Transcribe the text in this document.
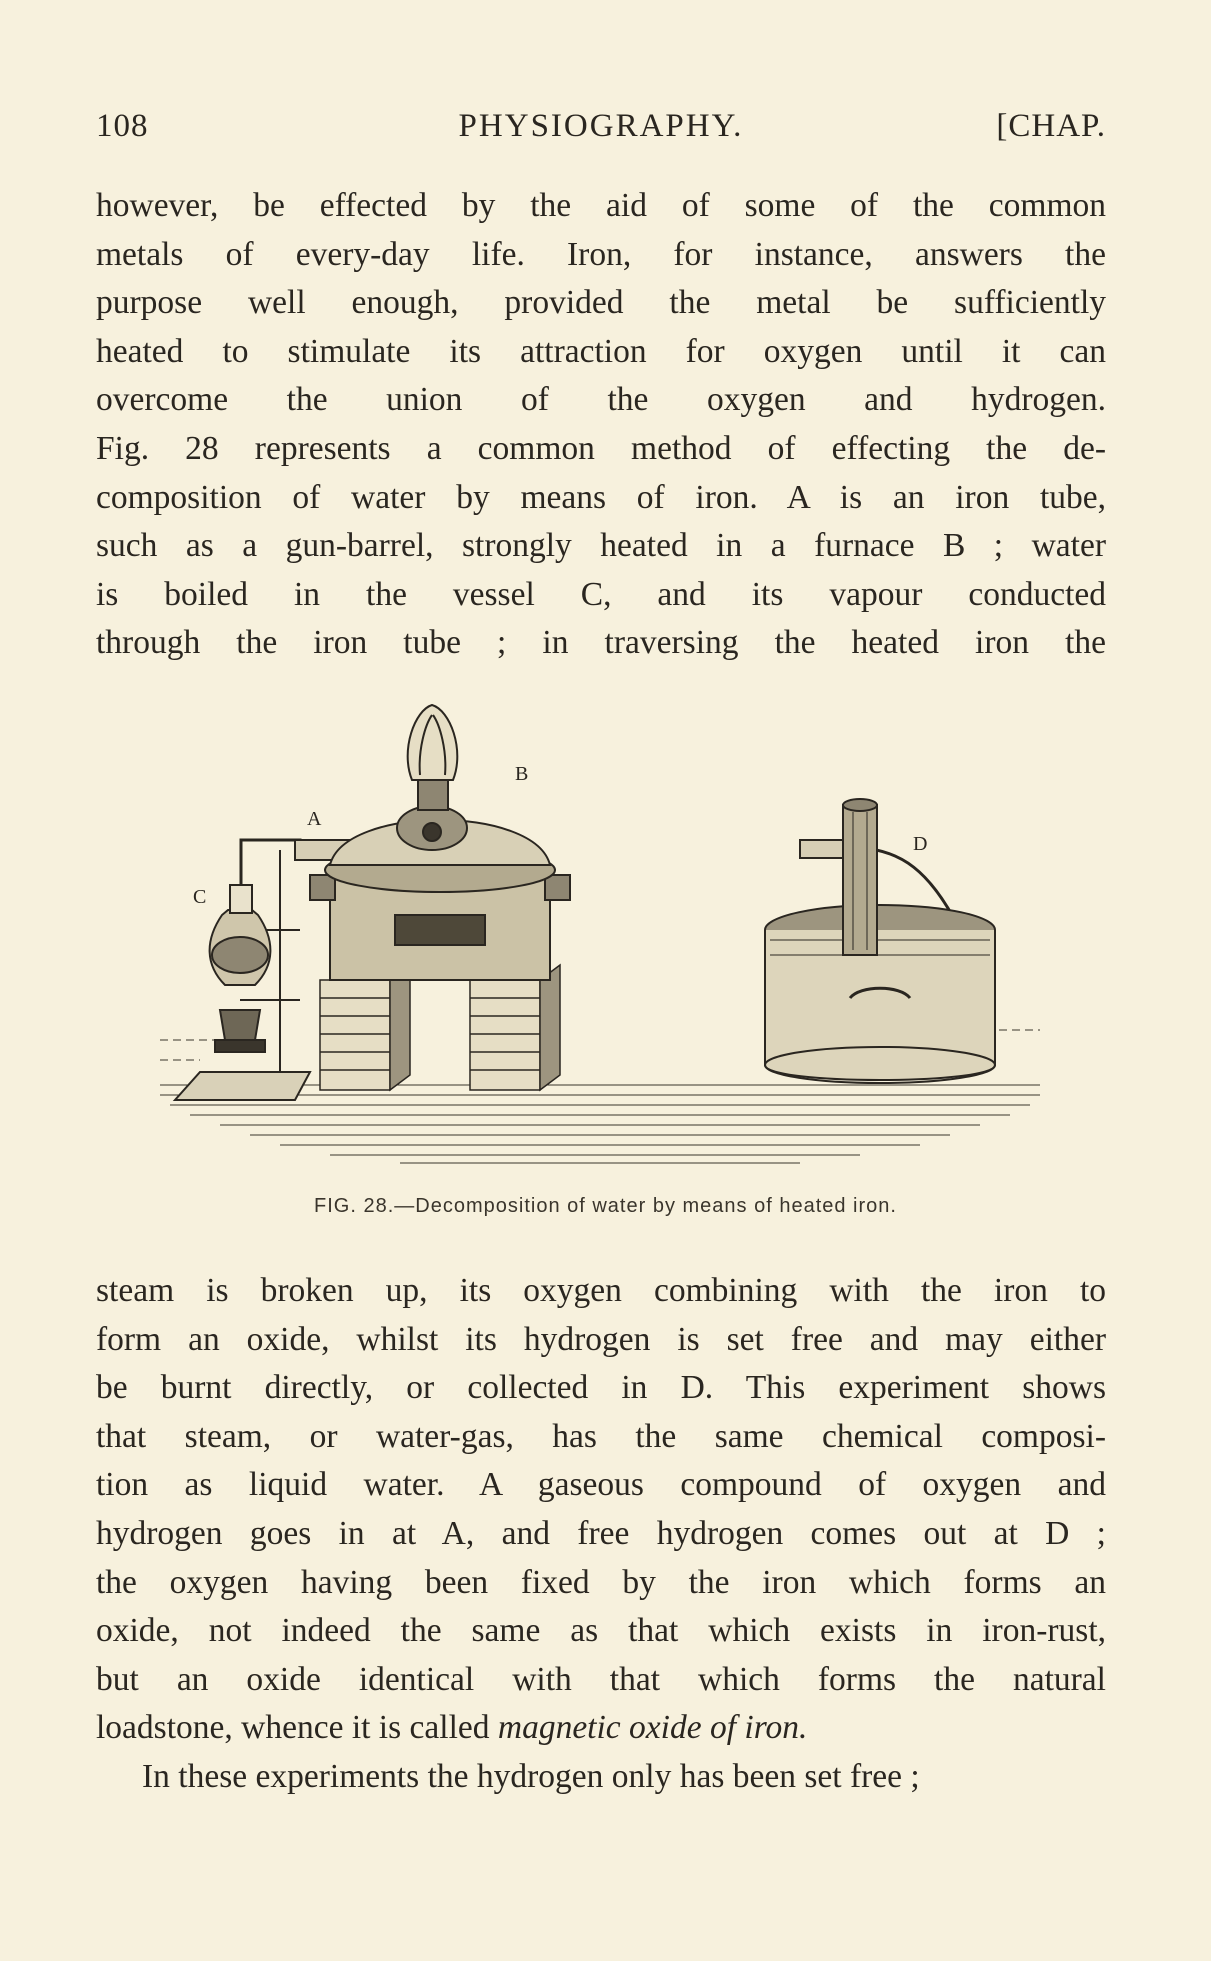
108	PHYSIOGRAPHY.	[CHAP.
however, be effected by the aid of some of the common
metals of every-day life. Iron, for instance, answers the
purpose well enough, provided the metal be sufficiently
heated to stimulate its attraction for oxygen until it can
overcome the union of the oxygen and hydrogen.
Fig. 28 represents a common method of effecting the de-
composition of water by means of iron. A is an iron tube,
such as a gun-barrel, strongly heated in a furnace B ; water
is boiled in the vessel C, and its vapour conducted
through the iron tube ; in traversing the heated iron the
A
B
C
D
FIG. 28.—Decomposition of water by means of heated iron.
steam is broken up, its oxygen combining with the iron to
form an oxide, whilst its hydrogen is set free and may either
be burnt directly, or collected in D. This experiment shows
that steam, or water-gas, has the same chemical composi-
tion as liquid water. A gaseous compound of oxygen and
hydrogen goes in at A, and free hydrogen comes out at D ;
the oxygen having been fixed by the iron which forms an
oxide, not indeed the same as that which exists in iron-rust,
but an oxide identical with that which forms the natural
loadstone, whence it is called magnetic oxide of iron.
In these experiments the hydrogen only has been set free ;
